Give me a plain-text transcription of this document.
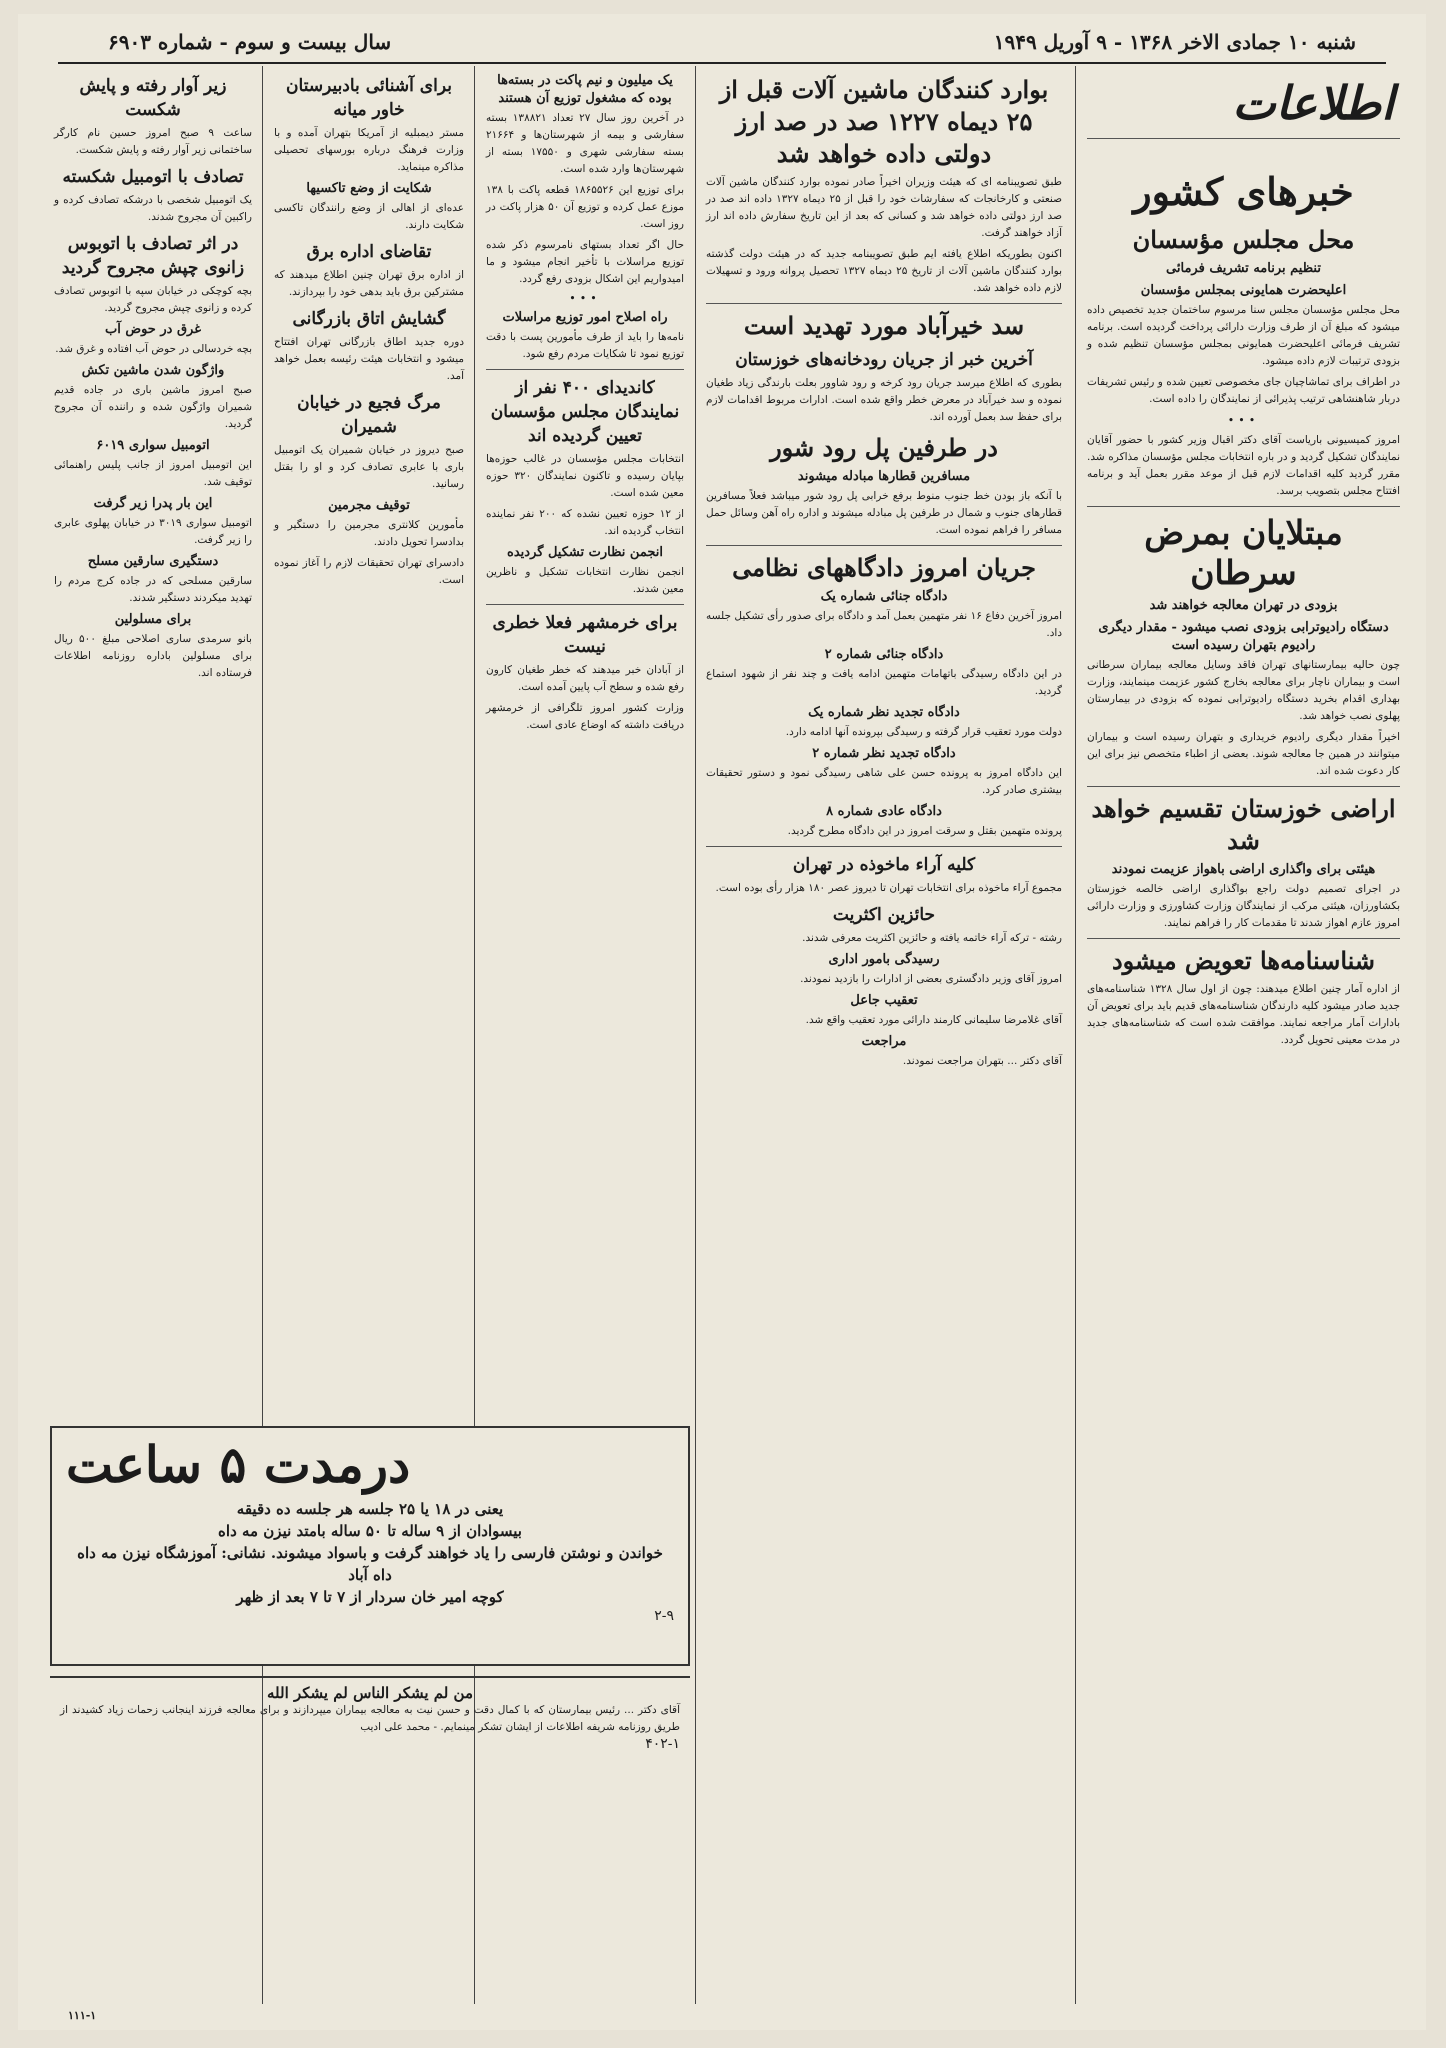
شنبه ۱۰ جمادی الاخر ۱۳۶۸ - ۹ آوریل ۱۹۴۹
سال بیست و سوم - شماره ۶۹۰۳
اطلاعات
خبرهای کشور
محل مجلس مؤسسان
تنظیم برنامه تشریف فرمائی
اعلیحضرت همایونی بمجلس مؤسسان

محل مجلس مؤسسان مجلس سنا مرسوم ساختمان جدید تخصیص داده میشود که مبلغ آن از طرف وزارت دارائی پرداخت گردیده است. برنامه تشریف فرمائی اعلیحضرت همایونی بمجلس مؤسسان تنظیم شده و بزودی ترتیبات لازم داده میشود.

در اطراف برای تماشاچیان جای مخصوصی تعیین شده و رئیس تشریفات دربار شاهنشاهی ترتیب پذیرائی از نمایندگان را داده است.

•••

امروز کمیسیونی باریاست آقای دکتر اقبال وزیر کشور با حضور آقایان نمایندگان تشکیل گردید و در باره انتخابات مجلس مؤسسان مذاکره شد. مقرر گردید کلیه اقدامات لازم قبل از موعد مقرر بعمل آید و برنامه افتتاح مجلس بتصویب برسد.

مبتلایان بمرض سرطان
بزودی در تهران معالجه خواهند شد
دستگاه رادیوترابی بزودی نصب میشود - مقدار دیگری رادیوم بتهران رسیده است

چون حالیه بیمارستانهای تهران فاقد وسایل معالجه بیماران سرطانی است و بیماران ناچار برای معالجه بخارج کشور عزیمت مینمایند، وزارت بهداری اقدام بخرید دستگاه رادیوترابی نموده که بزودی در بیمارستان پهلوی نصب خواهد شد.

اخیراً مقدار دیگری رادیوم خریداری و بتهران رسیده است و بیماران میتوانند در همین جا معالجه شوند. بعضی از اطباء متخصص نیز برای این کار دعوت شده اند.

اراضی خوزستان تقسیم خواهد شد
هیئتی برای واگذاری اراضی باهواز عزیمت نمودند

در اجرای تصمیم دولت راجع بواگذاری اراضی خالصه خوزستان بکشاورزان، هیئتی مرکب از نمایندگان وزارت کشاورزی و وزارت دارائی امروز عازم اهواز شدند تا مقدمات کار را فراهم نمایند.

شناسنامه‌ها تعویض میشود

از اداره آمار چنین اطلاع میدهند: چون از اول سال ۱۳۲۸ شناسنامه‌های جدید صادر میشود کلیه دارندگان شناسنامه‌های قدیم باید برای تعویض آن بادارات آمار مراجعه نمایند. موافقت شده است که شناسنامه‌های جدید در مدت معینی تحویل گردد.

بوارد کنندگان ماشین آلات قبل از ۲۵ دیماه ۱۲۲۷ صد در صد ارز دولتی داده خواهد شد

طبق تصویبنامه ای که هیئت وزیران اخیراً صادر نموده بوارد کنندگان ماشین آلات صنعتی و کارخانجات که سفارشات خود را قبل از ۲۵ دیماه ۱۳۲۷ داده اند صد در صد ارز دولتی داده خواهد شد و کسانی که بعد از این تاریخ سفارش داده اند ارز آزاد خواهند گرفت.

اکنون بطوریکه اطلاع یافته ایم طبق تصویبنامه جدید که در هیئت دولت گذشته بوارد کنندگان ماشین آلات از تاریخ ۲۵ دیماه ۱۳۲۷ تحصیل پروانه ورود و تسهیلات لازم داده خواهد شد.

سد خیرآباد مورد تهدید است
آخرین خبر از جریان رودخانه‌های خوزستان

بطوری که اطلاع میرسد جریان رود کرخه و رود شاوور بعلت بارندگی زیاد طغیان نموده و سد خیرآباد در معرض خطر واقع شده است. ادارات مربوط اقدامات لازم برای حفظ سد بعمل آورده اند.

در طرفین پل رود شور
مسافرین قطارها مبادله میشوند

با آنکه باز بودن خط جنوب منوط برفع خرابی پل رود شور میباشد فعلاً مسافرین قطارهای جنوب و شمال در طرفین پل مبادله میشوند و اداره راه آهن وسائل حمل مسافر را فراهم نموده است.

جریان امروز دادگاههای نظامی
دادگاه جنائی شماره یک

امروز آخرین دفاع ۱۶ نفر متهمین بعمل آمد و دادگاه برای صدور رأی تشکیل جلسه داد.

دادگاه جنائی شماره ۲

در این دادگاه رسیدگی باتهامات متهمین ادامه یافت و چند نفر از شهود استماع گردید.

دادگاه تجدید نظر شماره یک

دولت مورد تعقیب قرار گرفته و رسیدگی بپرونده آنها ادامه دارد.

دادگاه تجدید نظر شماره ۲

این دادگاه امروز به پرونده حسن علی شاهی رسیدگی نمود و دستور تحقیقات بیشتری صادر کرد.

دادگاه عادی شماره ۸

پرونده متهمین بقتل و سرقت امروز در این دادگاه مطرح گردید.

کلیه آراء ماخوذه در تهران

مجموع آراء ماخوذه برای انتخابات تهران تا دیروز عصر ۱۸۰ هزار رأی بوده است.

حائزین اکثریت

رشته - ترکه آراء خاتمه یافته و حائزین اکثریت معرفی شدند.

رسیدگی بامور اداری

امروز آقای وزیر دادگستری بعضی از ادارات را بازدید نمودند.

تعقیب جاعل

آقای غلامرضا سلیمانی کارمند دارائی مورد تعقیب واقع شد.

مراجعت

آقای دکتر ... بتهران مراجعت نمودند.

یک میلیون و نیم پاکت در بسته‌ها بوده که مشغول توزیع آن هستند

در آخرین روز سال ۲۷ تعداد ۱۳۸۸۲۱ بسته سفارشی و بیمه از شهرستان‌ها و ۲۱۶۶۴ بسته سفارشی شهری و ۱۷۵۵۰ بسته از شهرستان‌ها وارد شده است.

برای توزیع این ۱۸۶۵۵۲۶ قطعه پاکت با ۱۳۸ موزع عمل کرده و توزیع آن ۵۰ هزار پاکت در روز است.

حال اگر تعداد بستهای نامرسوم ذکر شده توزیع مراسلات با تأخیر انجام میشود و ما امیدواریم این اشکال بزودی رفع گردد.

•••
راه اصلاح امور توزیع مراسلات

نامه‌ها را باید از طرف مأمورین پست با دقت توزیع نمود تا شکایات مردم رفع شود.

کاندیدای ۴۰۰ نفر از نمایندگان مجلس مؤسسان تعیین گردیده اند

انتخابات مجلس مؤسسان در غالب حوزه‌ها بپایان رسیده و تاکنون نمایندگان ۳۲۰ حوزه معین شده است.

از ۱۲ حوزه تعیین نشده که ۲۰۰ نفر نماینده انتخاب گردیده اند.

انجمن نظارت تشکیل گردیده

انجمن نظارت انتخابات تشکیل و ناظرین معین شدند.

برای خرمشهر فعلا خطری نیست

از آبادان خبر میدهند که خطر طغیان کارون رفع شده و سطح آب پایین آمده است.

وزارت کشور امروز تلگرافی از خرمشهر دریافت داشته که اوضاع عادی است.

برای آشنائی بادبیرستان خاور میانه

مستر دیمبلیه از آمریکا بتهران آمده و با وزارت فرهنگ درباره بورسهای تحصیلی مذاکره مینماید.

شکایت از وضع تاکسیها

عده‌ای از اهالی از وضع رانندگان تاکسی شکایت دارند.

تقاضای اداره برق

از اداره برق تهران چنین اطلاع میدهند که مشترکین برق باید بدهی خود را بپردازند.

گشایش اتاق بازرگانی

دوره جدید اطاق بازرگانی تهران افتتاح میشود و انتخابات هیئت رئیسه بعمل خواهد آمد.

مرگ فجیع در خیابان شمیران

صبح دیروز در خیابان شمیران یک اتومبیل باری با عابری تصادف کرد و او را بقتل رسانید.

توقیف مجرمین

مأمورین کلانتری مجرمین را دستگیر و بدادسرا تحویل دادند.

دادسرای تهران تحقیقات لازم را آغاز نموده است.

زیر آوار رفته و پایش شکست

ساعت ۹ صبح امروز حسین نام کارگر ساختمانی زیر آوار رفته و پایش شکست.

تصادف با اتومبیل شکسته

یک اتومبیل شخصی با درشکه تصادف کرده و راکبین آن مجروح شدند.

در اثر تصادف با اتوبوس زانوی چپش مجروح گردید

بچه کوچکی در خیابان سپه با اتوبوس تصادف کرده و زانوی چپش مجروح گردید.

غرق در حوض آب

بچه خردسالی در حوض آب افتاده و غرق شد.

واژگون شدن ماشین تکش

صبح امروز ماشین باری در جاده قدیم شمیران واژگون شده و راننده آن مجروح گردید.

اتومبیل سواری ۶۰۱۹

این اتومبیل امروز از جانب پلیس راهنمائی توقیف شد.

این بار پدرا زیر گرفت

اتومبیل سواری ۳۰۱۹ در خیابان پهلوی عابری را زیر گرفت.

دستگیری سارقین مسلح

سارقین مسلحی که در جاده کرج مردم را تهدید میکردند دستگیر شدند.

برای مسلولین

بانو سرمدی ساری اصلاحی مبلغ ۵۰۰ ریال برای مسلولین باداره روزنامه اطلاعات فرستاده اند.

درمدت ۵ ساعت
یعنی در ۱۸ یا ۲۵ جلسه هر جلسه ده دقیقه
بیسوادان از ۹ ساله تا ۵۰ ساله بامتد نیزن مه داه
خواندن و نوشتن فارسی را یاد خواهند گرفت و باسواد میشوند. نشانی: آموزشگاه نیزن مه داه داه آباد
کوچه امیر خان سردار از ۷ تا ۷ بعد از ظهر
۲-۹
من لم یشکر الناس لم یشکر الله
آقای دکتر ... رئیس بیمارستان که با کمال دقت و حسن نیت به معالجه بیماران میپردازند و برای معالجه فرزند اینجانب زحمات زیاد کشیدند از طریق روزنامه شریفه اطلاعات از ایشان تشکر مینمایم. - محمد علی ادیب
۴۰۲-۱
۱۱۱-۱
